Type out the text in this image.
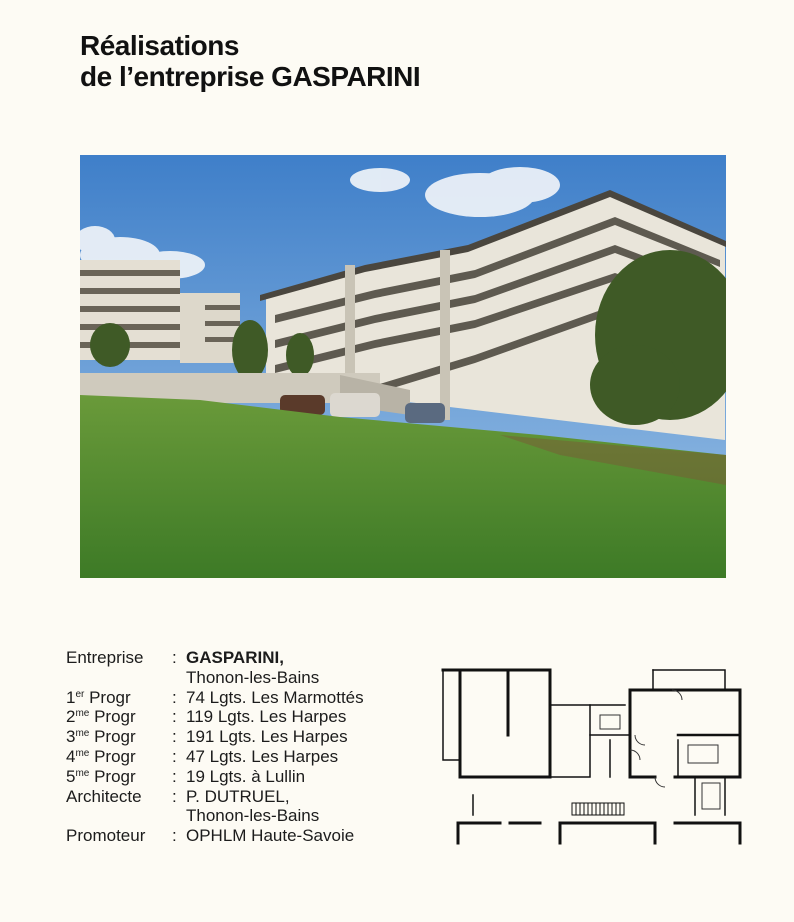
Réalisations
de l’entreprise GASPARINI
Entreprise	: GASPARINI,
Thonon-les-Bains
1er Progr	: 74 Lgts. Les Marmottés
$2^{me}$ Progr	: 119 Lgts. Les Harpes
$3^{me}$ Progr	: 191 Lgts. Les Harpes
$4^{me}$ Progr	: 47 Lgts. Les Harpes
$5^{me}$ Progr	: 19 Lgts. à Lullin
Architecte	: P. DUTRUEL,
Thonon-les-Bains
Promoteur	: OPHLM Haute-Savoie
